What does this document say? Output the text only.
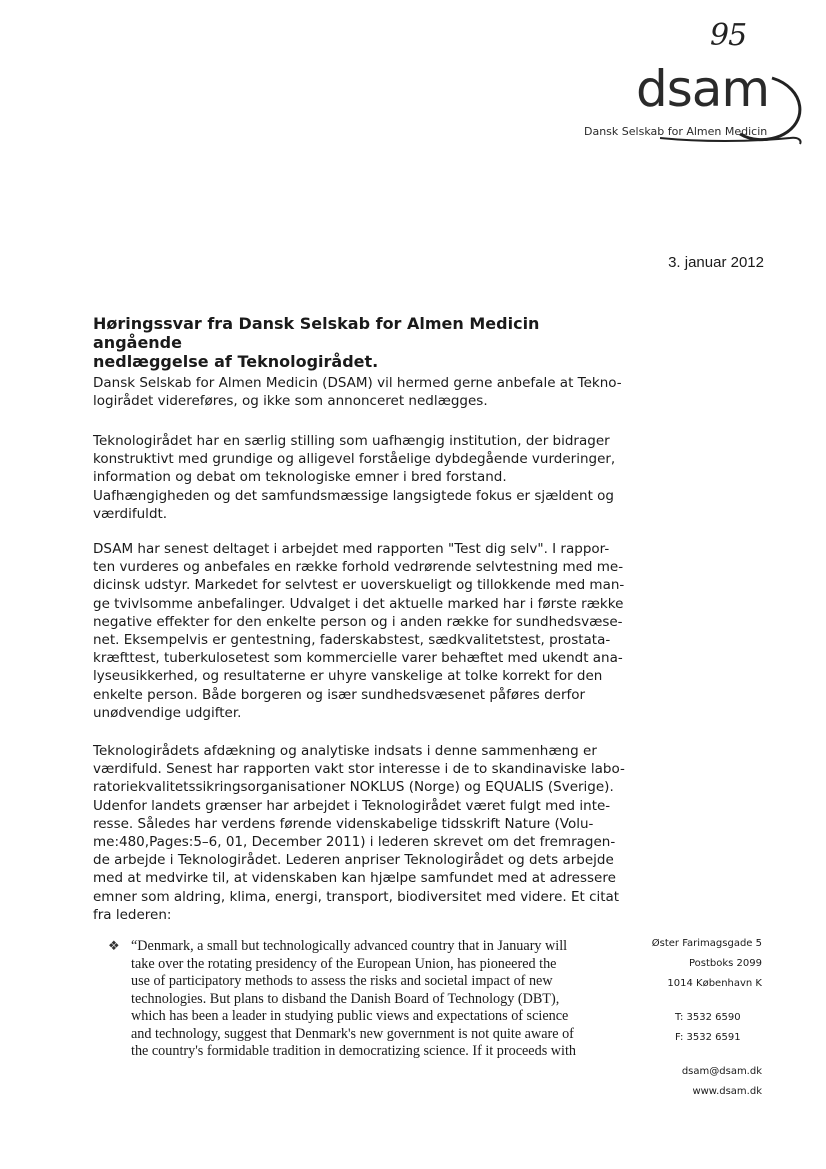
95
dsam
Dansk Selskab for Almen Medicin
3. januar 2012
Høringssvar fra Dansk Selskab for Almen Medicin angående
nedlæggelse af Teknologirådet.

Dansk Selskab for Almen Medicin (DSAM) vil hermed gerne anbefale at Tekno-
logirådet videreføres, og ikke som annonceret nedlægges.

Teknologirådet har en særlig stilling som uafhængig institution, der bidrager
konstruktivt med grundige og alligevel forståelige dybdegående vurderinger,
information og debat om teknologiske emner i bred forstand.
Uafhængigheden og det samfundsmæssige langsigtede fokus er sjældent og
værdifuldt.

DSAM har senest deltaget i arbejdet med rapporten "Test dig selv". I rappor-
ten vurderes og anbefales en række forhold vedrørende selvtestning med me-
dicinsk udstyr. Markedet for selvtest er uoverskueligt og tillokkende med man-
ge tvivlsomme anbefalinger. Udvalget i det aktuelle marked har i første række
negative effekter for den enkelte person og i anden række for sundhedsvæse-
net. Eksempelvis er gentestning, faderskabstest, sædkvalitetstest, prostata-
kræfttest, tuberkulosetest som kommercielle varer behæftet med ukendt ana-
lyseusikkerhed, og resultaterne er uhyre vanskelige at tolke korrekt for den
enkelte person. Både borgeren og især sundhedsvæsenet påføres derfor
unødvendige udgifter.

Teknologirådets afdækning og analytiske indsats i denne sammenhæng er
værdifuld. Senest har rapporten vakt stor interesse i de to skandinaviske labo-
ratoriekvalitetssikringsorganisationer NOKLUS (Norge) og EQUALIS (Sverige).
Udenfor landets grænser har arbejdet i Teknologirådet været fulgt med inte-
resse. Således har verdens førende videnskabelige tidsskrift Nature (Volu-
me:480,Pages:5–6, 01, December 2011) i lederen skrevet om det fremragen-
de arbejde i Teknologirådet. Lederen anpriser Teknologirådet og dets arbejde
med at medvirke til, at videnskaben kan hjælpe samfundet med at adressere
emner som aldring, klima, energi, transport, biodiversitet med videre. Et citat
fra lederen:

❖ “Denmark, a small but technologically advanced country that in January will
take over the rotating presidency of the European Union, has pioneered the
use of participatory methods to assess the risks and societal impact of new
technologies. But plans to disband the Danish Board of Technology (DBT),
which has been a leader in studying public views and expectations of science
and technology, suggest that Denmark's new government is not quite aware of
the country's formidable tradition in democratizing science. If it proceeds with

Øster Farimagsgade 5
Postboks 2099
1014 København K
T: 3532 6590
F: 3532 6591
dsam@dsam.dk
www.dsam.dk
